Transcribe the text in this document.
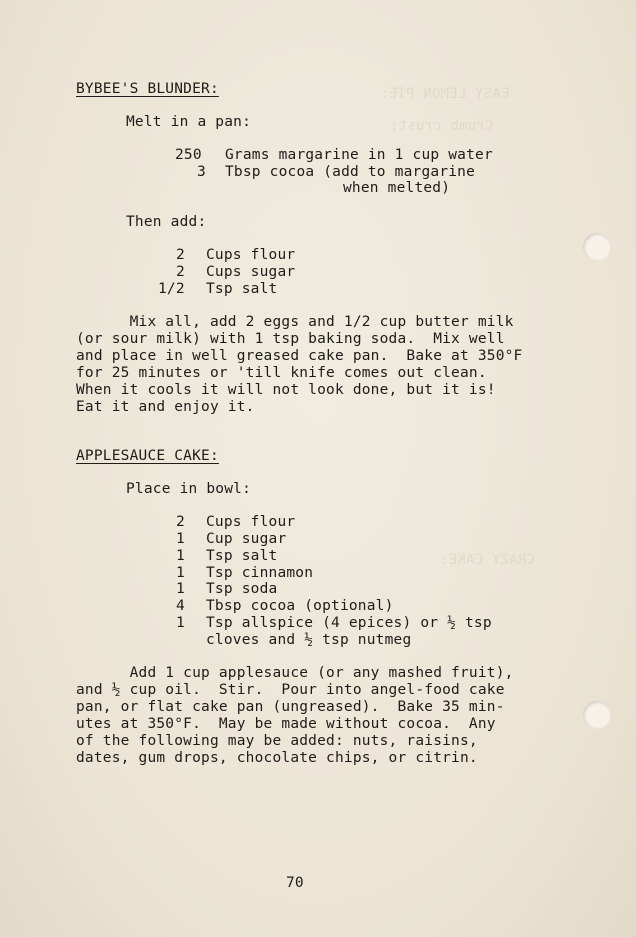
EASY LEMON PIE:
Crumb crust:
CRAZY CAKE:
BYBEE'S BLUNDER:
Melt in a pan:
250 Grams margarine in 1 cup water
3 Tbsp cocoa (add to margarine
when melted)
Then add:
2 Cups flour
2 Cups sugar
1/2 Tsp salt
Mix all, add 2 eggs and 1/2 cup butter milk
(or sour milk) with 1 tsp baking soda.  Mix well
and place in well greased cake pan.  Bake at 350°F
for 25 minutes or 'till knife comes out clean.
When it cools it will not look done, but it is!
Eat it and enjoy it.
APPLESAUCE CAKE:
Place in bowl:
2 Cups flour
1 Cup sugar
1 Tsp salt
1 Tsp cinnamon
1 Tsp soda
4 Tbsp cocoa (optional)
1 Tsp allspice (4 epices) or ½ tsp
cloves and ½ tsp nutmeg
Add 1 cup applesauce (or any mashed fruit),
and ½ cup oil.  Stir.  Pour into angel-food cake
pan, or flat cake pan (ungreased).  Bake 35 min-
utes at 350°F.  May be made without cocoa.  Any
of the following may be added: nuts, raisins,
dates, gum drops, chocolate chips, or citrin.
70
